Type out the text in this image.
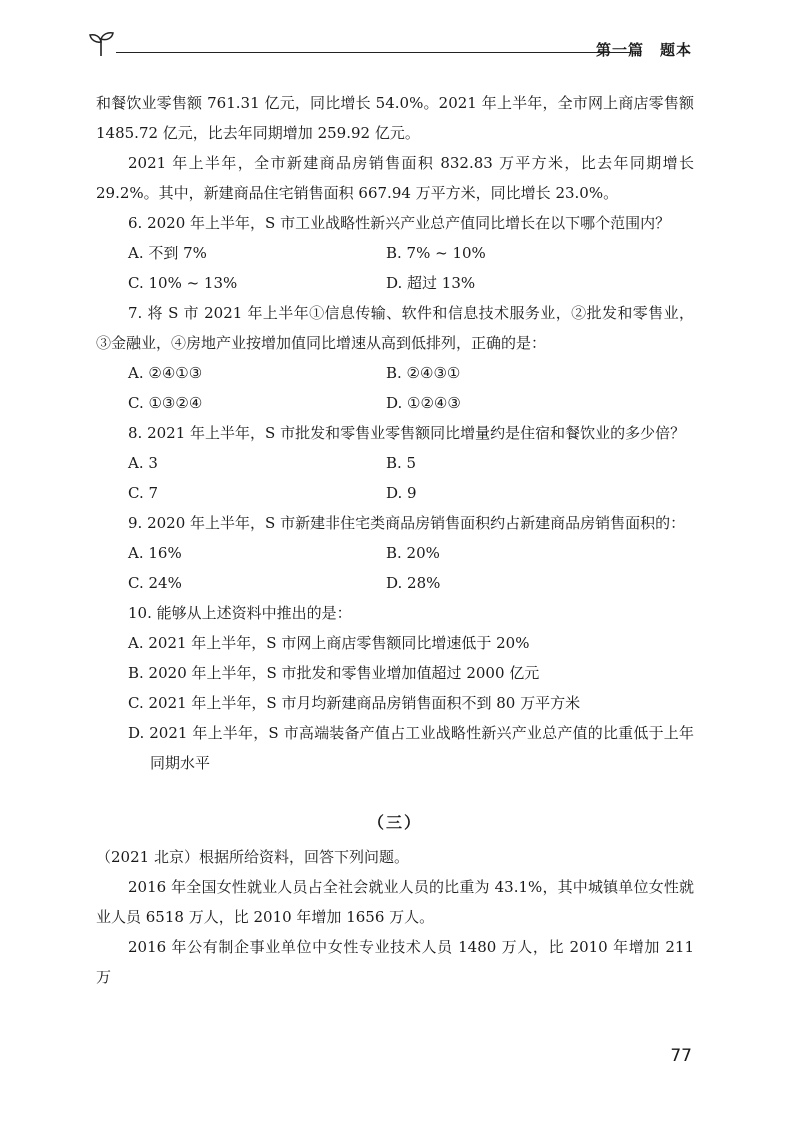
第一篇　题本

和餐饮业零售额 761.31 亿元，同比增长 54.0%。2021 年上半年，全市网上商店零售额 1485.72 亿元，比去年同期增加 259.92 亿元。

2021 年上半年，全市新建商品房销售面积 832.83 万平方米，比去年同期增长 29.2%。其中，新建商品住宅销售面积 667.94 万平方米，同比增长 23.0%。

6. 2020 年上半年，S 市工业战略性新兴产业总产值同比增长在以下哪个范围内？

A. 不到 7%	B. 7% ~ 10%
C. 10% ~ 13%	D. 超过 13%

7. 将 S 市 2021 年上半年①信息传输、软件和信息技术服务业，②批发和零售业，③金融业，④房地产业按增加值同比增速从高到低排列，正确的是：

A. ②④①③	B. ②④③①
C. ①③②④	D. ①②④③

8. 2021 年上半年，S 市批发和零售业零售额同比增量约是住宿和餐饮业的多少倍？

A. 3	B. 5
C. 7	D. 9

9. 2020 年上半年，S 市新建非住宅类商品房销售面积约占新建商品房销售面积的：

A. 16%	B. 20%
C. 24%	D. 28%

10. 能够从上述资料中推出的是：

A. 2021 年上半年，S 市网上商店零售额同比增速低于 20%

B. 2020 年上半年，S 市批发和零售业增加值超过 2000 亿元

C. 2021 年上半年，S 市月均新建商品房销售面积不到 80 万平方米

D. 2021 年上半年，S 市高端装备产值占工业战略性新兴产业总产值的比重低于上年同期水平

（三）

（2021 北京）根据所给资料，回答下列问题。

2016 年全国女性就业人员占全社会就业人员的比重为 43.1%，其中城镇单位女性就业人员 6518 万人，比 2010 年增加 1656 万人。

2016 年公有制企事业单位中女性专业技术人员 1480 万人，比 2010 年增加 211 万

77
